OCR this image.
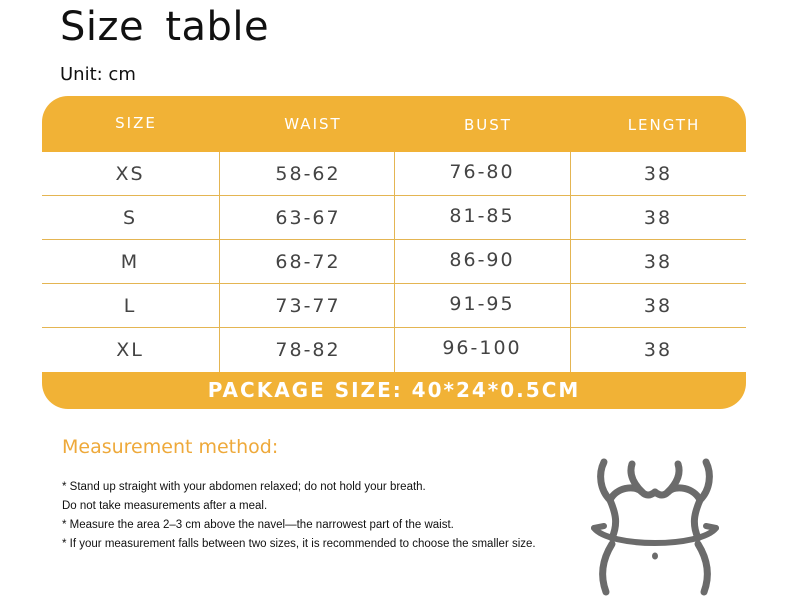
Size table
Unit: cm
SIZE	WAIST	BUST	LENGTH
XS	58-62	76-80	38
S	63-67	81-85	38
M	68-72	86-90	38
L	73-77	91-95	38
XL	78-82	96-100	38
PACKAGE SIZE: 40*24*0.5CM
Measurement method:
* Stand up straight with your abdomen relaxed; do not hold your breath.
Do not take measurements after a meal.
* Measure the area 2–3 cm above the navel—the narrowest part of the waist.
* If your measurement falls between two sizes, it is recommended to choose the smaller size.
